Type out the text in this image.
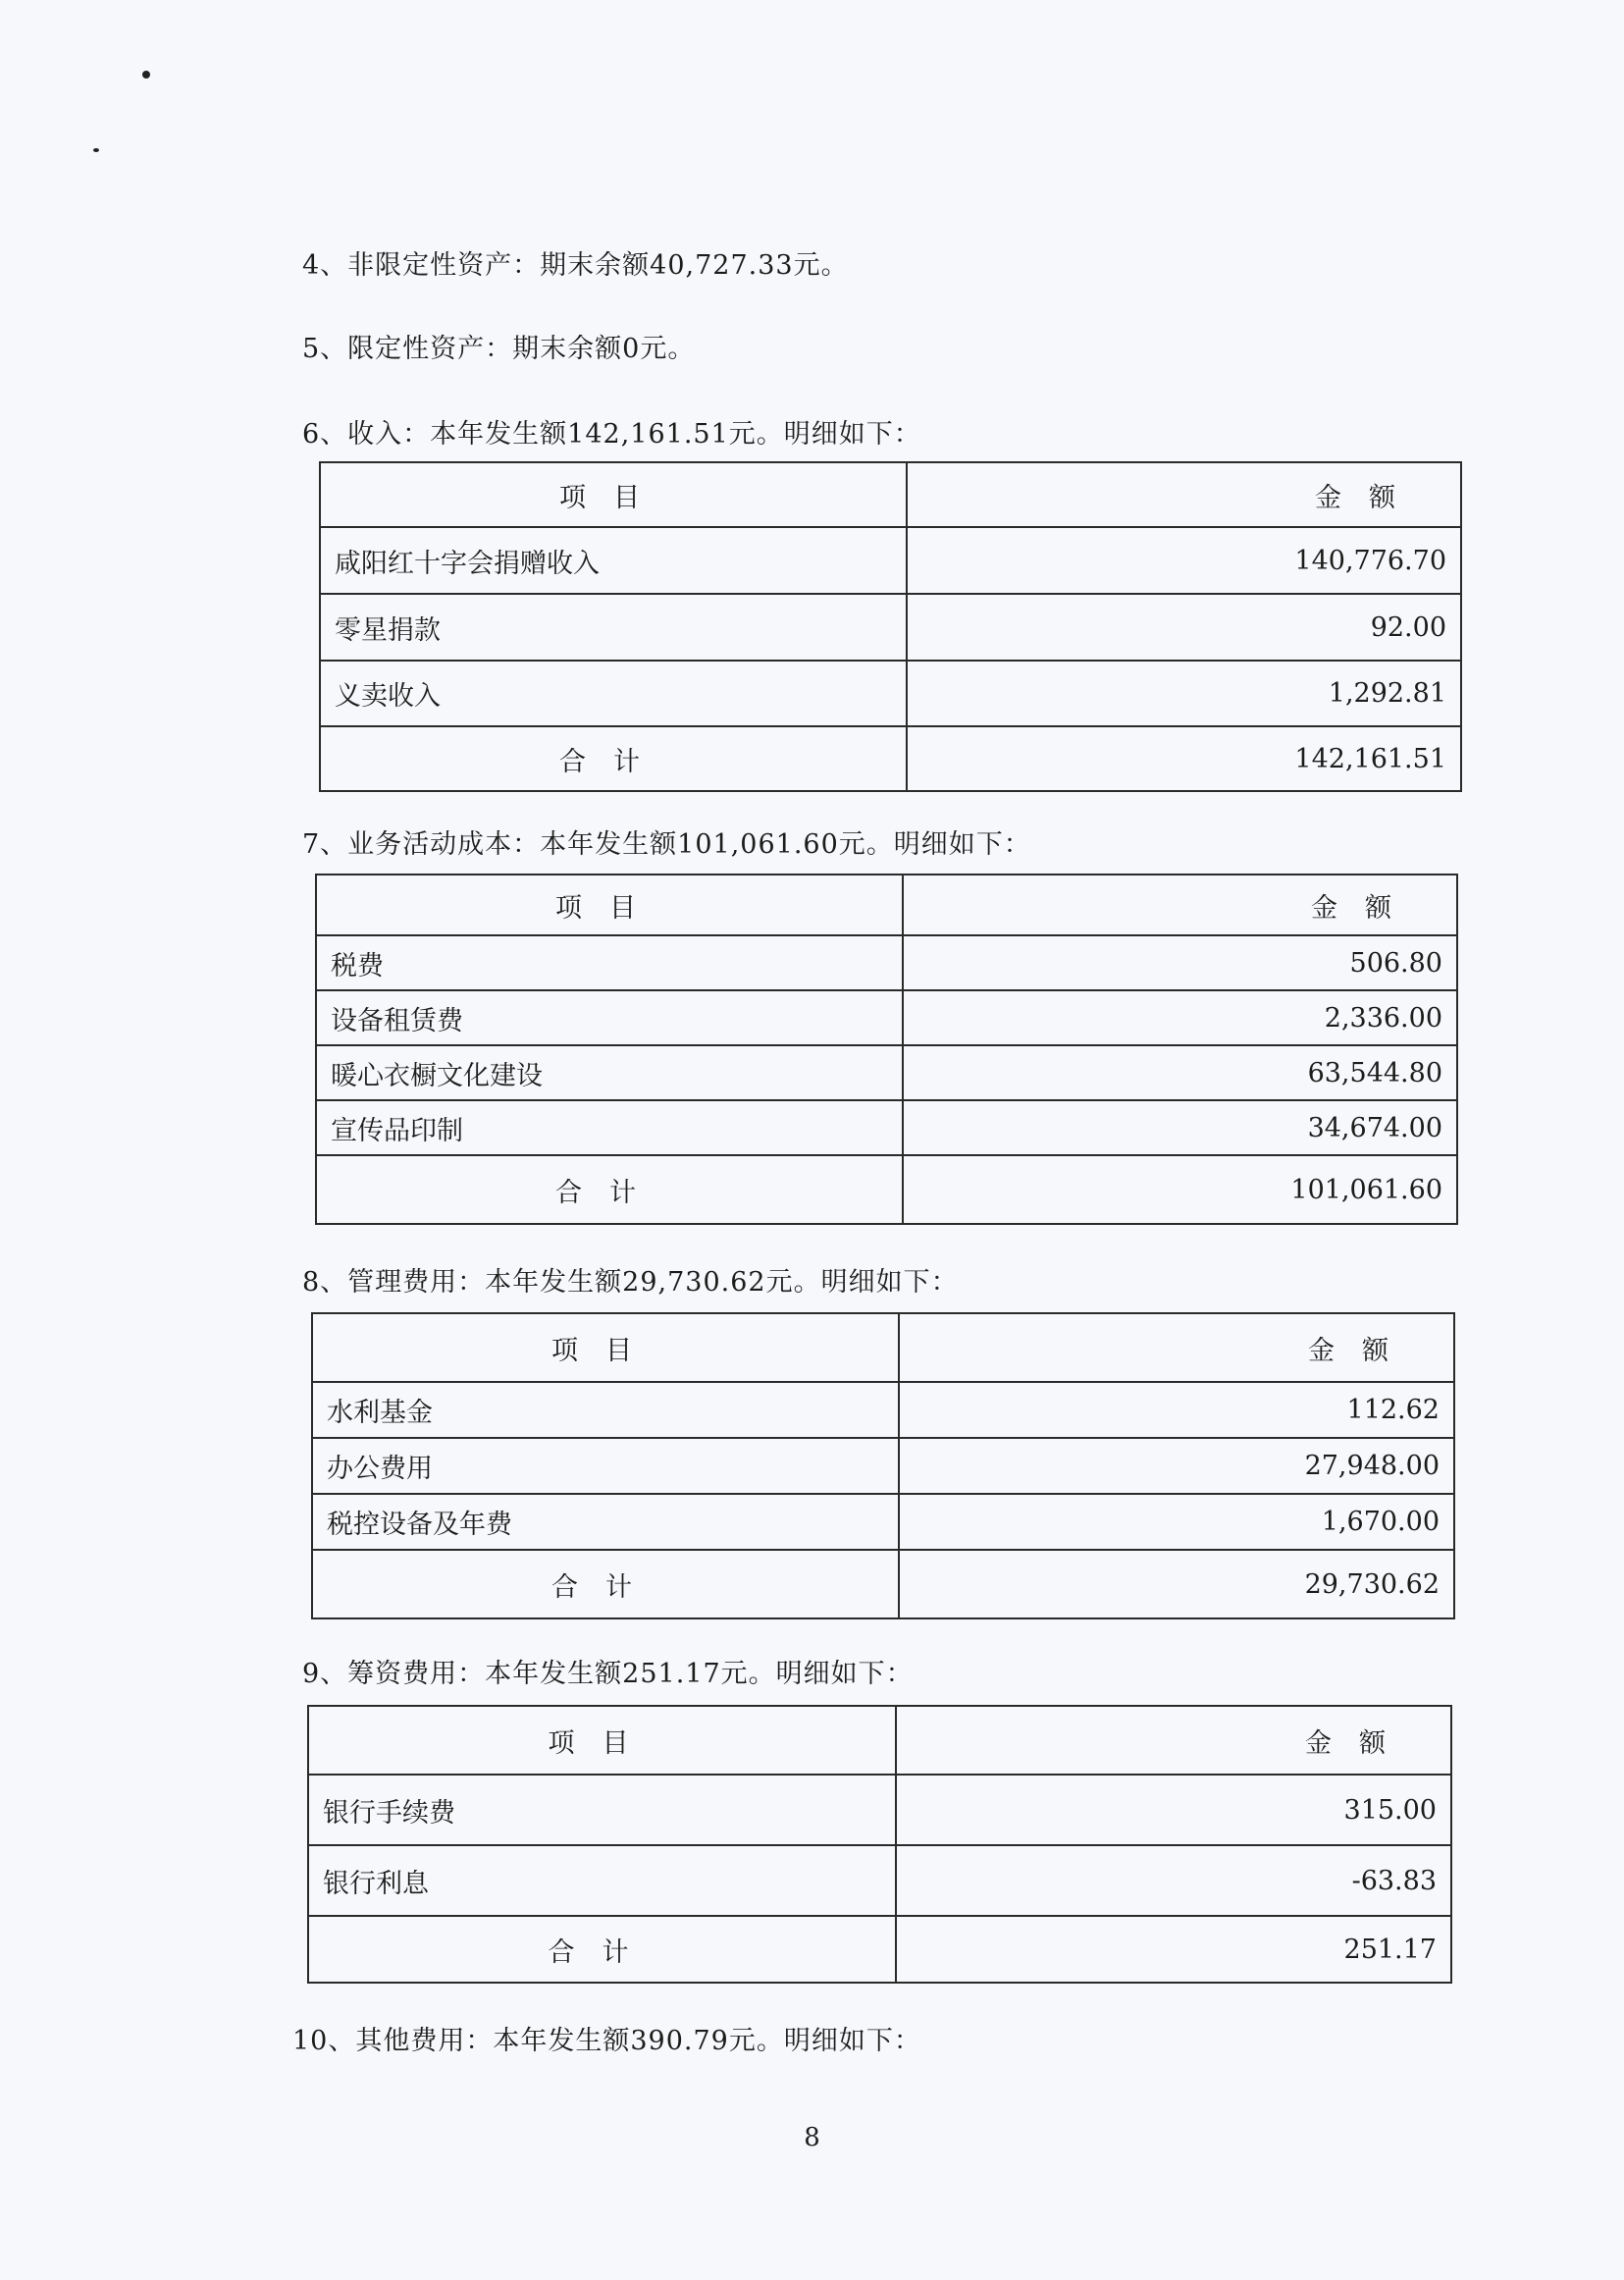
4、非限定性资产：期末余额40,727.33元。
5、限定性资产：期末余额0元。
6、收入：本年发生额142,161.51元。明细如下：
项目	金额
咸阳红十字会捐赠收入	140,776.70
零星捐款	92.00
义卖收入	1,292.81
合计	142,161.51
7、业务活动成本：本年发生额101,061.60元。明细如下：
项目	金额
税费	506.80
设备租赁费	2,336.00
暖心衣橱文化建设	63,544.80
宣传品印制	34,674.00
合计	101,061.60
8、管理费用：本年发生额29,730.62元。明细如下：
项目	金额
水利基金	112.62
办公费用	27,948.00
税控设备及年费	1,670.00
合计	29,730.62
9、筹资费用：本年发生额251.17元。明细如下：
项目	金额
银行手续费	315.00
银行利息	-63.83
合计	251.17
10、其他费用：本年发生额390.79元。明细如下：
8
